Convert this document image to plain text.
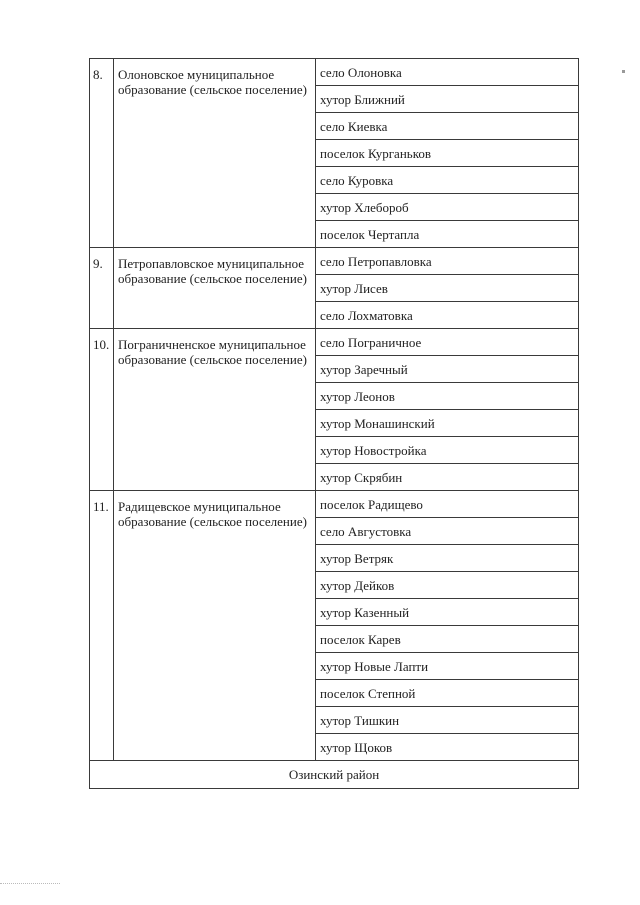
8.	Олоновское муниципальное образование (сельское поселение)	село Олоновка
		хутор Ближний
		село Киевка
		поселок Курганьков
		село Куровка
		хутор Хлебороб
		поселок Чертапла
9.	Петропавловское муниципальное образование (сельское поселение)	село Петропавловка
		хутор Лисев
		село Лохматовка
10.	Пограничненское муниципальное образование (сельское поселение)	село Пограничное
		хутор Заречный
		хутор Леонов
		хутор Монашинский
		хутор Новостройка
		хутор Скрябин
11.	Радищевское муниципальное образование (сельское поселение)	поселок Радищево
		село Августовка
		хутор Ветряк
		хутор Дейков
		хутор Казенный
		поселок Карев
		хутор Новые Лапти
		поселок Степной
		хутор Тишкин
		хутор Щоков
Озинский район		
